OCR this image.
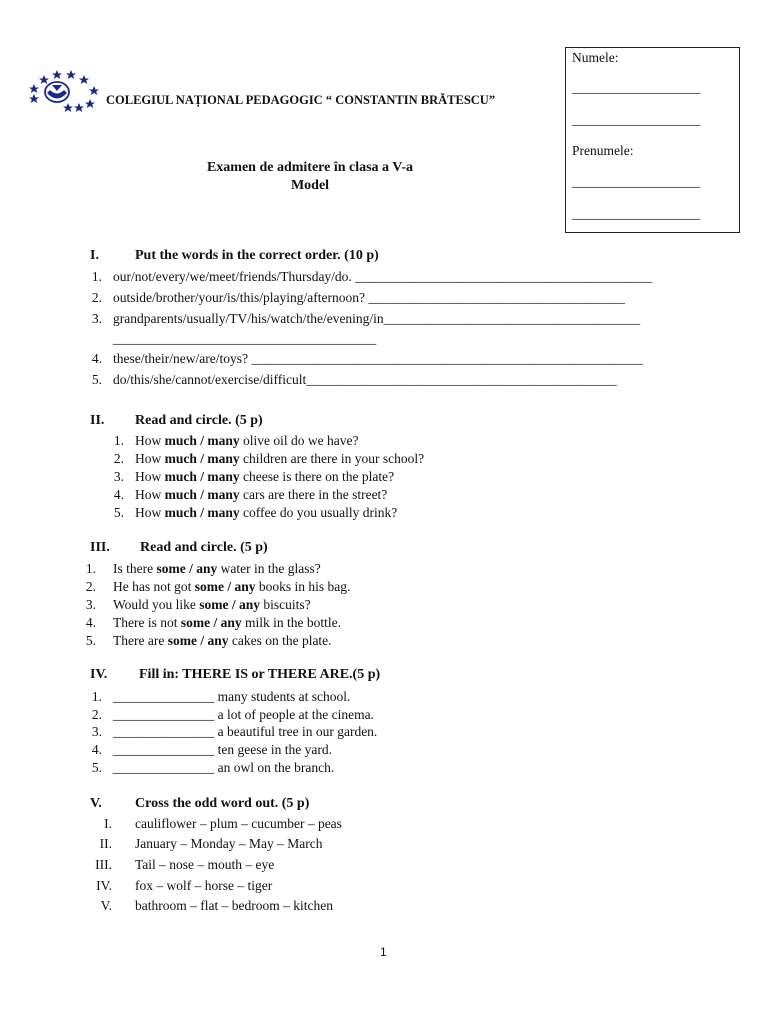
COLEGIUL NAȚIONAL PEDAGOGIC “ CONSTANTIN BRĂTESCU”
Examen de admitere în clasa a V-a
Model
Numele:
___________________
___________________
Prenumele:
___________________
___________________
I.	Put the words in the correct order. (10 p)
1. our/not/every/we/meet/friends/Thursday/do. ____________________________________________
2. outside/brother/your/is/this/playing/afternoon? ______________________________________
3. grandparents/usually/TV/his/watch/the/evening/in______________________________________
_______________________________________
4. these/their/new/are/toys? __________________________________________________________
5. do/this/she/cannot/exercise/difficult______________________________________________
II. Read and circle. (5 p)
1. How much / many olive oil do we have?
2. How much / many children are there in your school?
3. How much / many cheese is there on the plate?
4. How much / many cars are there in the street?
5. How much / many coffee do you usually drink?
III. Read and circle. (5 p)
1. Is there some / any water in the glass?
2. He has not got some / any books in his bag.
3. Would you like some / any biscuits?
4. There is not some / any milk in the bottle.
5. There are some / any cakes on the plate.
IV. Fill in: THERE IS or THERE ARE.(5 p)
1. _______________ many students at school.
2. _______________ a lot of people at the cinema.
3. _______________ a beautiful tree in our garden.
4. _______________ ten geese in the yard.
5. _______________ an owl on the branch.
V. Cross the odd word out. (5 p)
I. cauliflower – plum – cucumber – peas
II. January – Monday – May – March
III. Tail – nose – mouth – eye
IV. fox – wolf – horse – tiger
V. bathroom – flat – bedroom – kitchen
1
